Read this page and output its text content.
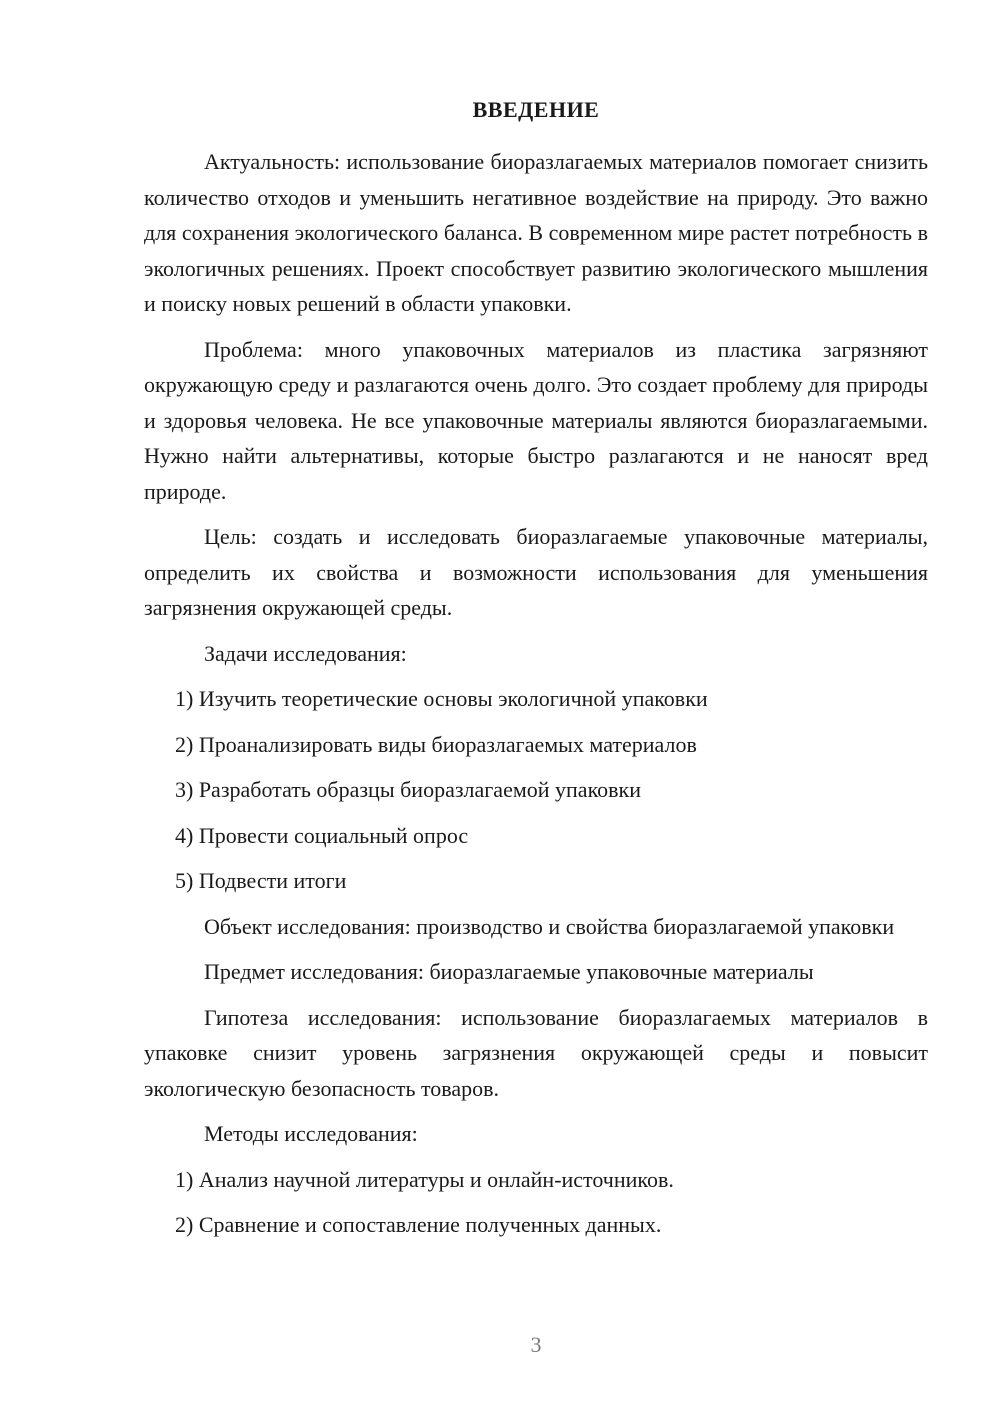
ВВЕДЕНИЕ

Актуальность: использование биоразлагаемых материалов помогает снизить количество отходов и уменьшить негативное воздействие на природу. Это важно для сохранения экологического баланса. В современном мире растет потребность в экологичных решениях. Проект способствует развитию экологического мышления и поиску новых решений в области упаковки.

Проблема: много упаковочных материалов из пластика загрязняют окружающую среду и разлагаются очень долго. Это создает проблему для природы и здоровья человека. Не все упаковочные материалы являются биоразлагаемыми. Нужно найти альтернативы, которые быстро разлагаются и не наносят вред природе.

Цель: создать и исследовать биоразлагаемые упаковочные материалы, определить их свойства и возможности использования для уменьшения загрязнения окружающей среды.

Задачи исследования:

1) Изучить теоретические основы экологичной упаковки
2) Проанализировать виды биоразлагаемых материалов
3) Разработать образцы биоразлагаемой упаковки
4) Провести социальный опрос
5) Подвести итоги

Объект исследования: производство и свойства биоразлагаемой упаковки

Предмет исследования: биоразлагаемые упаковочные материалы

Гипотеза исследования: использование биоразлагаемых материалов в упаковке снизит уровень загрязнения окружающей среды и повысит экологическую безопасность товаров.

Методы исследования:

1) Анализ научной литературы и онлайн-источников.
2) Сравнение и сопоставление полученных данных.
3
